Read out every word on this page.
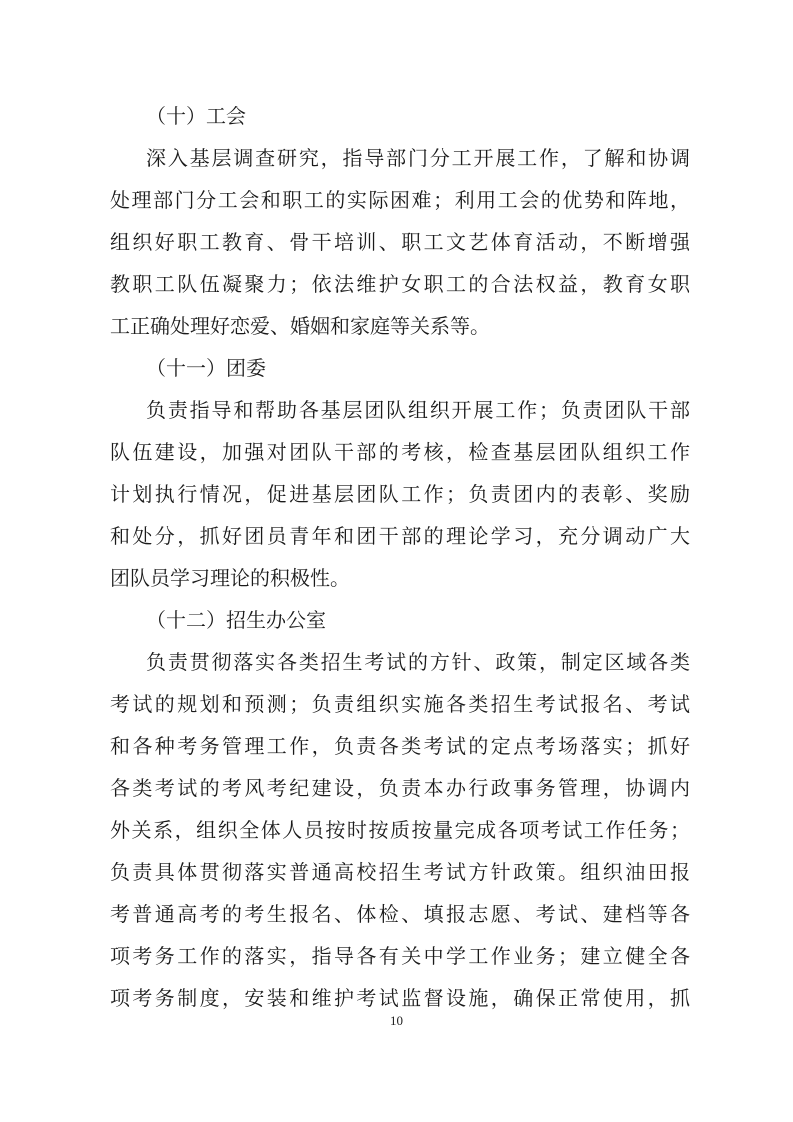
（十）工会
深入基层调查研究，指导部门分工开展工作，了解和协调
处理部门分工会和职工的实际困难；利用工会的优势和阵地，
组织好职工教育、骨干培训、职工文艺体育活动，不断增强
教职工队伍凝聚力；依法维护女职工的合法权益，教育女职
工正确处理好恋爱、婚姻和家庭等关系等。
（十一）团委
负责指导和帮助各基层团队组织开展工作；负责团队干部
队伍建设，加强对团队干部的考核，检查基层团队组织工作
计划执行情况，促进基层团队工作；负责团内的表彰、奖励
和处分，抓好团员青年和团干部的理论学习，充分调动广大
团队员学习理论的积极性。
（十二）招生办公室
负责贯彻落实各类招生考试的方针、政策，制定区域各类
考试的规划和预测；负责组织实施各类招生考试报名、考试
和各种考务管理工作，负责各类考试的定点考场落实；抓好
各类考试的考风考纪建设，负责本办行政事务管理，协调内
外关系，组织全体人员按时按质按量完成各项考试工作任务；
负责具体贯彻落实普通高校招生考试方针政策。组织油田报
考普通高考的考生报名、体检、填报志愿、考试、建档等各
项考务工作的落实，指导各有关中学工作业务；建立健全各
项考务制度，安装和维护考试监督设施，确保正常使用，抓
10
